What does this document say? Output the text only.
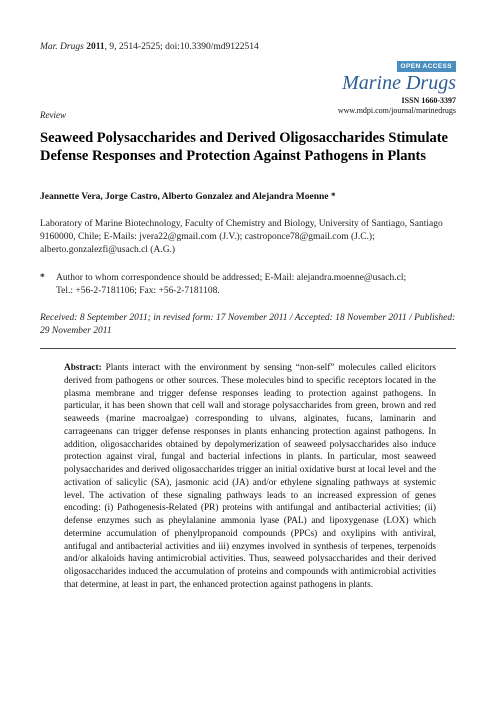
Mar. Drugs 2011, 9, 2514-2525; doi:10.3390/md9122514
OPEN ACCESS
Marine Drugs
ISSN 1660-3397
www.mdpi.com/journal/marinedrugs
Review
Seaweed Polysaccharides and Derived Oligosaccharides Stimulate Defense Responses and Protection Against Pathogens in Plants
Jeannette Vera, Jorge Castro, Alberto Gonzalez and Alejandra Moenne *
Laboratory of Marine Biotechnology, Faculty of Chemistry and Biology, University of Santiago, Santiago 9160000, Chile; E-Mails: jvera22@gmail.com (J.V.); castroponce78@gmail.com (J.C.); alberto.gonzalezfi@usach.cl (A.G.)
* Author to whom correspondence should be addressed; E-Mail: alejandra.moenne@usach.cl;
Tel.: +56-2-7181106; Fax: +56-2-7181108.
Received: 8 September 2011; in revised form: 17 November 2011 / Accepted: 18 November 2011 / Published: 29 November 2011
Abstract: Plants interact with the environment by sensing “non-self” molecules called elicitors derived from pathogens or other sources. These molecules bind to specific receptors located in the plasma membrane and trigger defense responses leading to protection against pathogens. In particular, it has been shown that cell wall and storage polysaccharides from green, brown and red seaweeds (marine macroalgae) corresponding to ulvans, alginates, fucans, laminarin and carrageenans can trigger defense responses in plants enhancing protection against pathogens. In addition, oligosaccharides obtained by depolymerization of seaweed polysaccharides also induce protection against viral, fungal and bacterial infections in plants. In particular, most seaweed polysaccharides and derived oligosaccharides trigger an initial oxidative burst at local level and the activation of salicylic (SA), jasmonic acid (JA) and/or ethylene signaling pathways at systemic level. The activation of these signaling pathways leads to an increased expression of genes encoding: (i) Pathogenesis-Related (PR) proteins with antifungal and antibacterial activities; (ii) defense enzymes such as pheylalanine ammonia lyase (PAL) and lipoxygenase (LOX) which determine accumulation of phenylpropanoid compounds (PPCs) and oxylipins with antiviral, antifugal and antibacterial activities and iii) enzymes involved in synthesis of terpenes, terpenoids and/or alkaloids having antimicrobial activities. Thus, seaweed polysaccharides and their derived oligosaccharides induced the accumulation of proteins and compounds with antimicrobial activities that determine, at least in part, the enhanced protection against pathogens in plants.
